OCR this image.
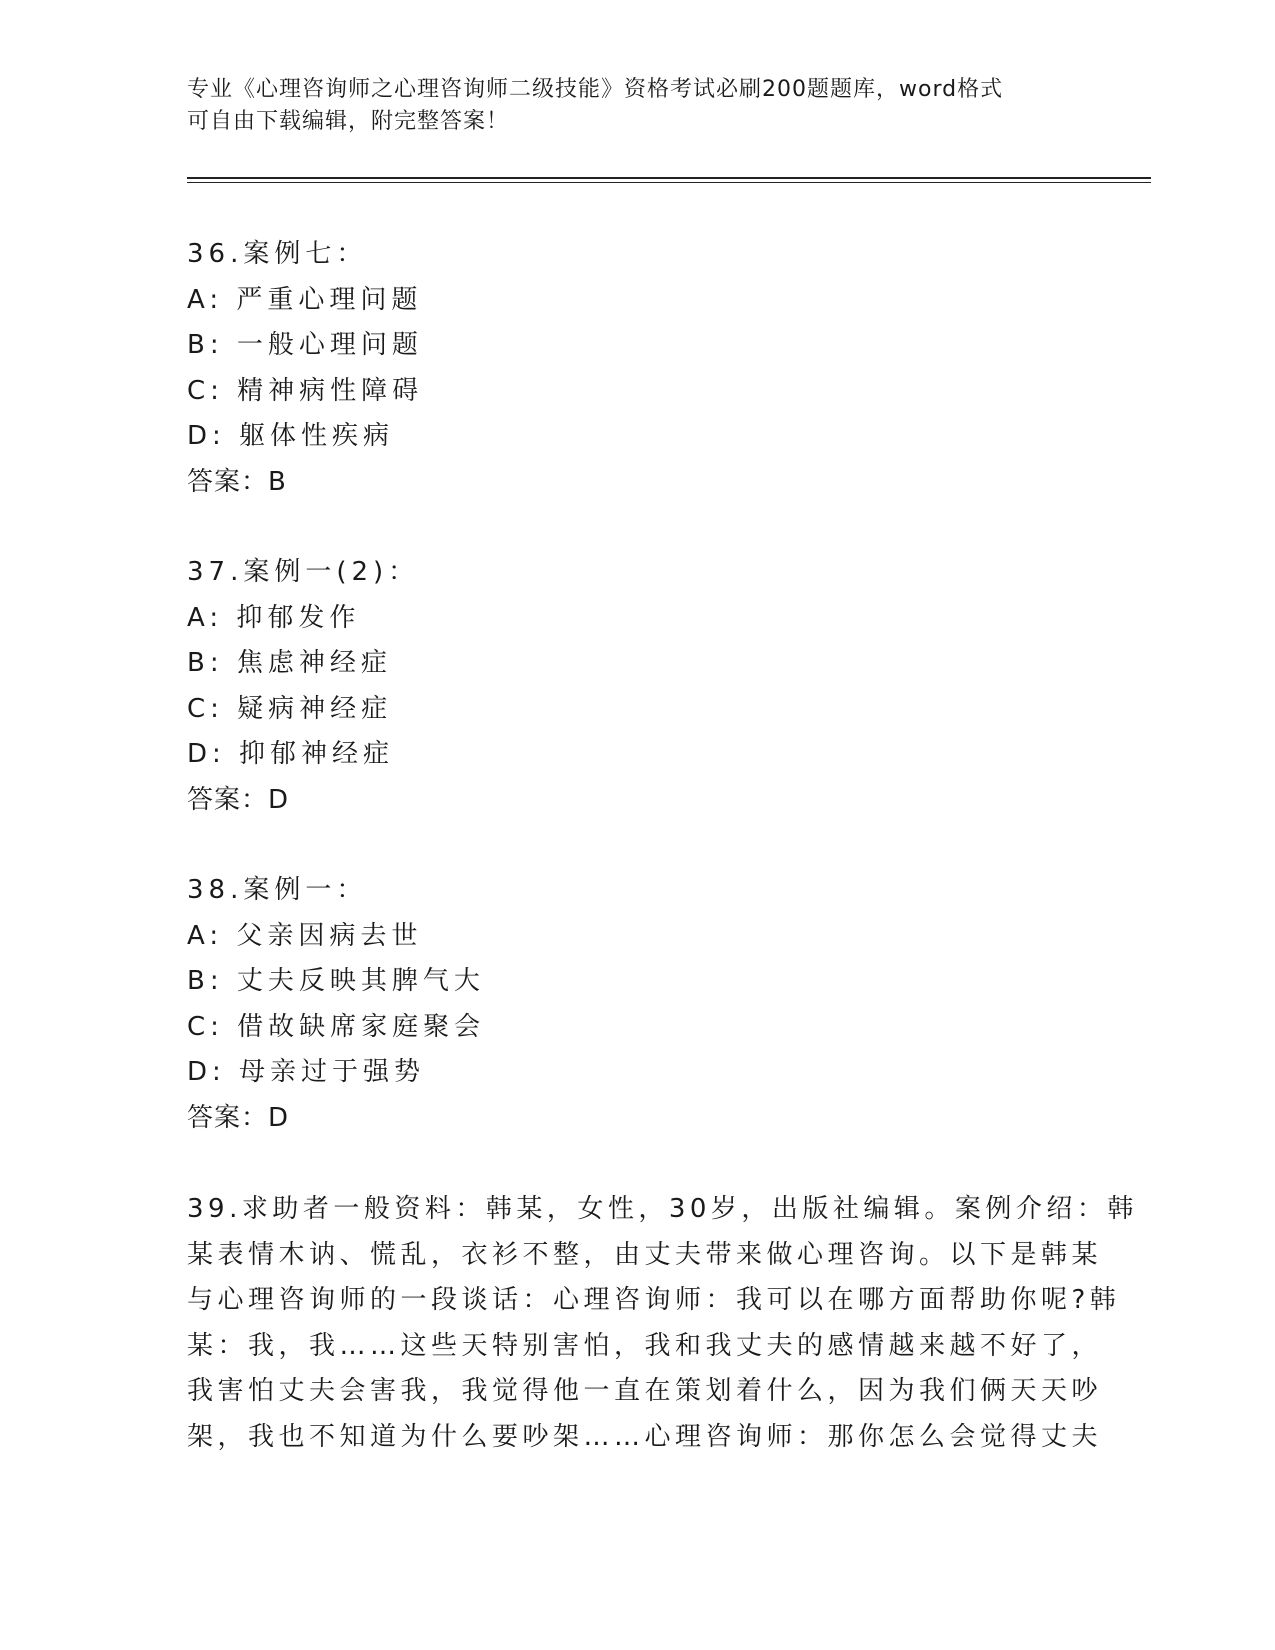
专业《心理咨询师之心理咨询师二级技能》资格考试必刷200题题库，word格式
可自由下载编辑，附完整答案！
36.案例七：
A: 严重心理问题
B: 一般心理问题
C: 精神病性障碍
D: 躯体性疾病
答案：B
37.案例一(2)：
A: 抑郁发作
B: 焦虑神经症
C: 疑病神经症
D: 抑郁神经症
答案：D
38.案例一：
A: 父亲因病去世
B: 丈夫反映其脾气大
C: 借故缺席家庭聚会
D: 母亲过于强势
答案：D
39.求助者一般资料：韩某，女性，30岁，出版社编辑。案例介绍：韩
某表情木讷、慌乱，衣衫不整，由丈夫带来做心理咨询。以下是韩某
与心理咨询师的一段谈话：心理咨询师：我可以在哪方面帮助你呢?韩
某：我，我……这些天特别害怕，我和我丈夫的感情越来越不好了，
我害怕丈夫会害我，我觉得他一直在策划着什么，因为我们俩天天吵
架，我也不知道为什么要吵架……心理咨询师：那你怎么会觉得丈夫
